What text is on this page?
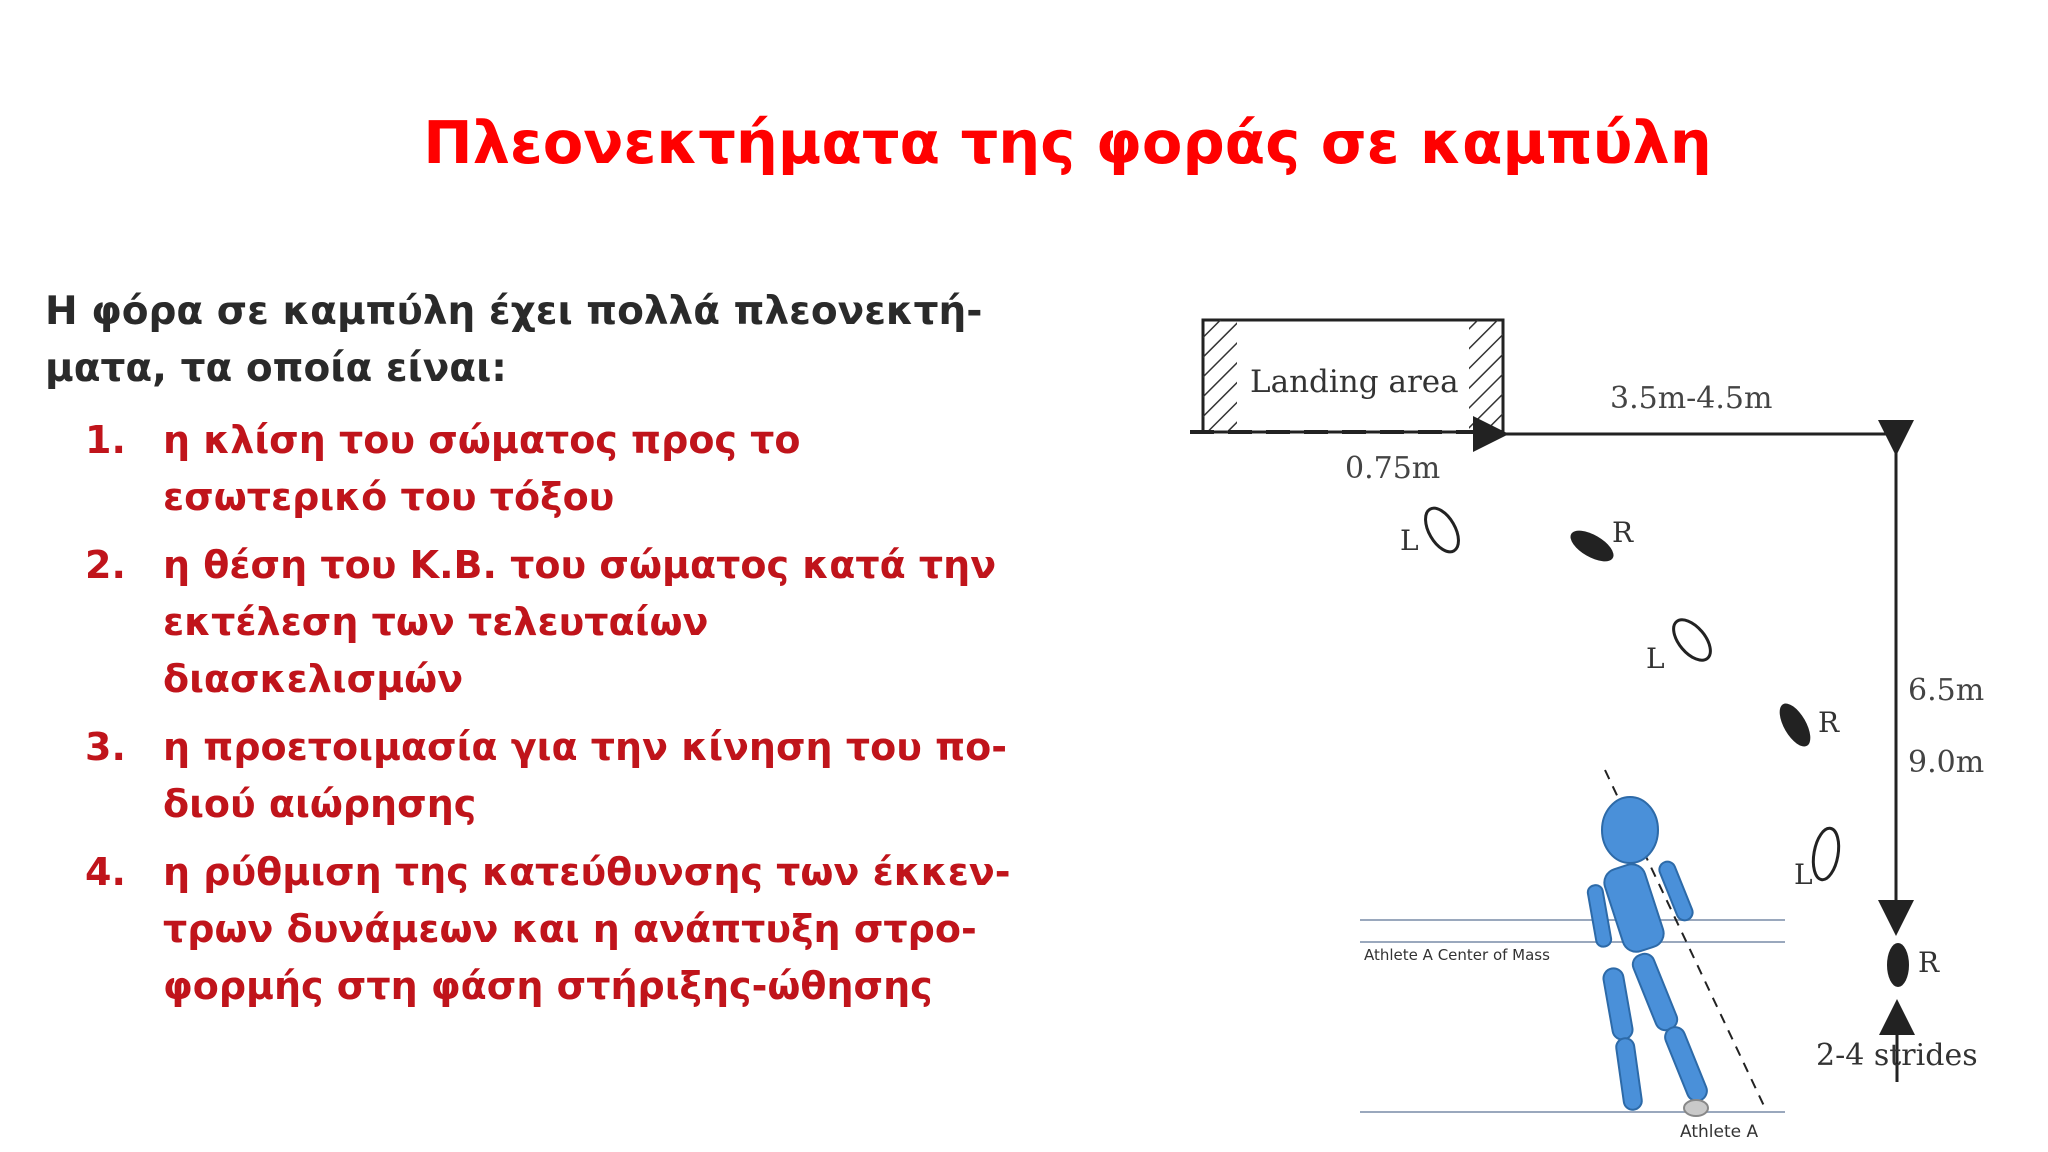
Πλεονεκτήματα της φοράς σε καμπύλη

Η φόρα σε καμπύλη έχει πολλά πλεονεκτή-ματα, τα οποία είναι:

1. η κλίση του σώματος προς το εσωτερικό του τόξου
2. η θέση του Κ.Β. του σώματος κατά την εκτέλεση των τελευταίων διασκελισμών
3. η προετοιμασία για την κίνηση του πο-διού αιώρησης
4. η ρύθμιση της κατεύθυνσης των έκκεν-τρων δυνάμεων και η ανάπτυξη στρο-φορμής στη φάση στήριξης-ώθησης
Landing area	3.5m-4.5m
0.75m
6.5m
9.0m
L	R
L
R
L
R
2-4 strides
Athlete A Center of Mass
Athlete A
